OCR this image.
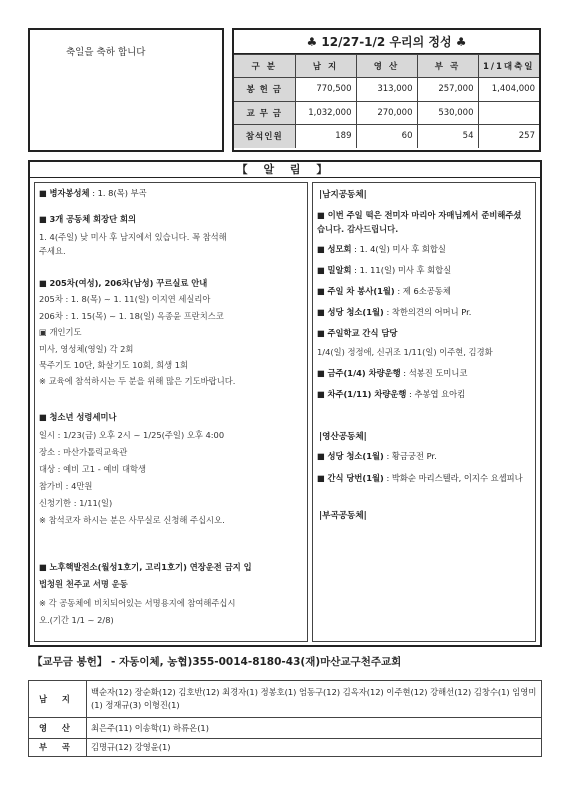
축일을 축하 합니다
♣ 12/27-1/2 우리의 정성 ♣
구 분	남 지	영 산	부 곡	1/1대축일
봉 헌 금	770,500	313,000	257,000	1,404,000
교 무 금	1,032,000	270,000	530,000	
참석인원	189	60	54	257
【 알 림 】
■ 병자봉성체 : 1. 8(목) 부곡
■ 3개 공동체 회장단 회의
1. 4(주일) 낮 미사 후 남지에서 있습니다. 꼭 참석해
주세요.
■ 205차(여성), 206차(남성) 꾸르실료 안내
205차 : 1. 8(목) ~ 1. 11(일) 이지연 세실리아
206차 : 1. 15(목) ~ 1. 18(일) 옥종윤 프란치스코
▣ 개인기도
미사, 영성체(영일) 각 2회
묵주기도 10단, 화살기도 10회, 희생 1회
※ 교육에 참석하시는 두 분을 위해 많은 기도바랍니다.
■ 청소년 성령세미나
일시 : 1/23(금) 오후 2시 ~ 1/25(주일) 오후 4:00
장소 : 마산가톨릭교육관
대상 : 예비 고1 - 예비 대학생
참가비 : 4만원
신청기한 : 1/11(일)
※ 참석코자 하시는 분은 사무실로 신청해 주십시오.
■ 노후핵발전소(월성1호기, 고리1호기) 연장운전 금지 입
법청원 천주교 서명 운동
※ 각 공동체에 비치되어있는 서명용지에 참여해주십시
오.(기간 1/1 ~ 2/8)
|남지공동체|
■ 이번 주일 떡은 전미자 마리아 자매님께서 준비해주셨
습니다. 감사드립니다.
■ 성모회 : 1. 4(일) 미사 후 회합실
■ 밀알회 : 1. 11(일) 미사 후 회합실
■ 주일 차 봉사(1월) : 제 6소공동체
■ 성당 청소(1월) : 착한의견의 어머니 Pr.
■ 주일학교 간식 담당
1/4(일) 정정애, 신귀조 1/11(일) 이주현, 김경화
■ 금주(1/4) 차량운행 : 석봉진 도미니코
■ 차주(1/11) 차량운행 : 추봉엽 요아킴
|영산공동체|
■ 성당 청소(1월) : 황금궁전 Pr.
■ 간식 당번(1월) : 박화순 마리스텔라, 이지수 요셉피나
|부곡공동체|
【교무금 봉헌】 - 자동이체, 농협)355-0014-8180-43(재)마산교구천주교회
남 지	백순자(12) 장순화(12) 김호반(12) 최경자(1) 정봉호(1) 엄동구(12) 김옥자(12) 이주현(12) 강해선(12) 김창수(1) 임영미(1) 정재규(3) 이형진(1)
영 산	최은주(11) 이송학(1) 하류온(1)
부 곡	김명규(12) 강영윤(1)
